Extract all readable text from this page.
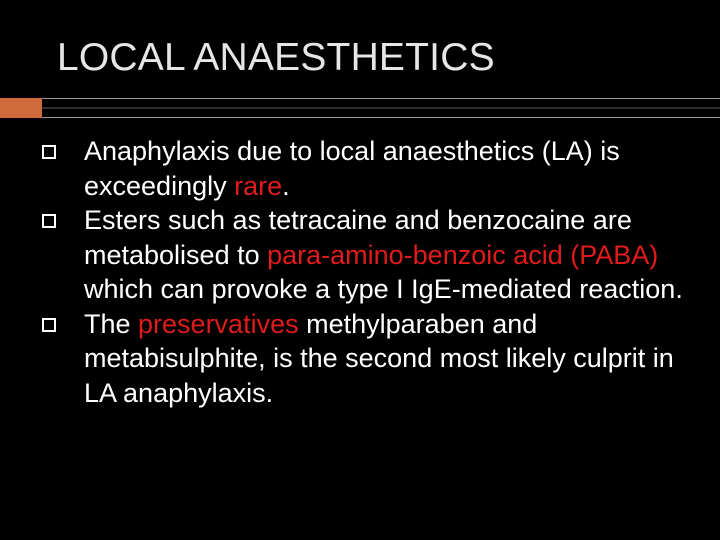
LOCAL ANAESTHETICS
Anaphylaxis due to local anaesthetics (LA) is exceedingly rare.
Esters such as tetracaine and benzocaine are metabolised to para-amino-benzoic acid (PABA) which can provoke a type I IgE-mediated reaction.
The preservatives methylparaben and metabisulphite, is the second most likely culprit in LA anaphylaxis.
